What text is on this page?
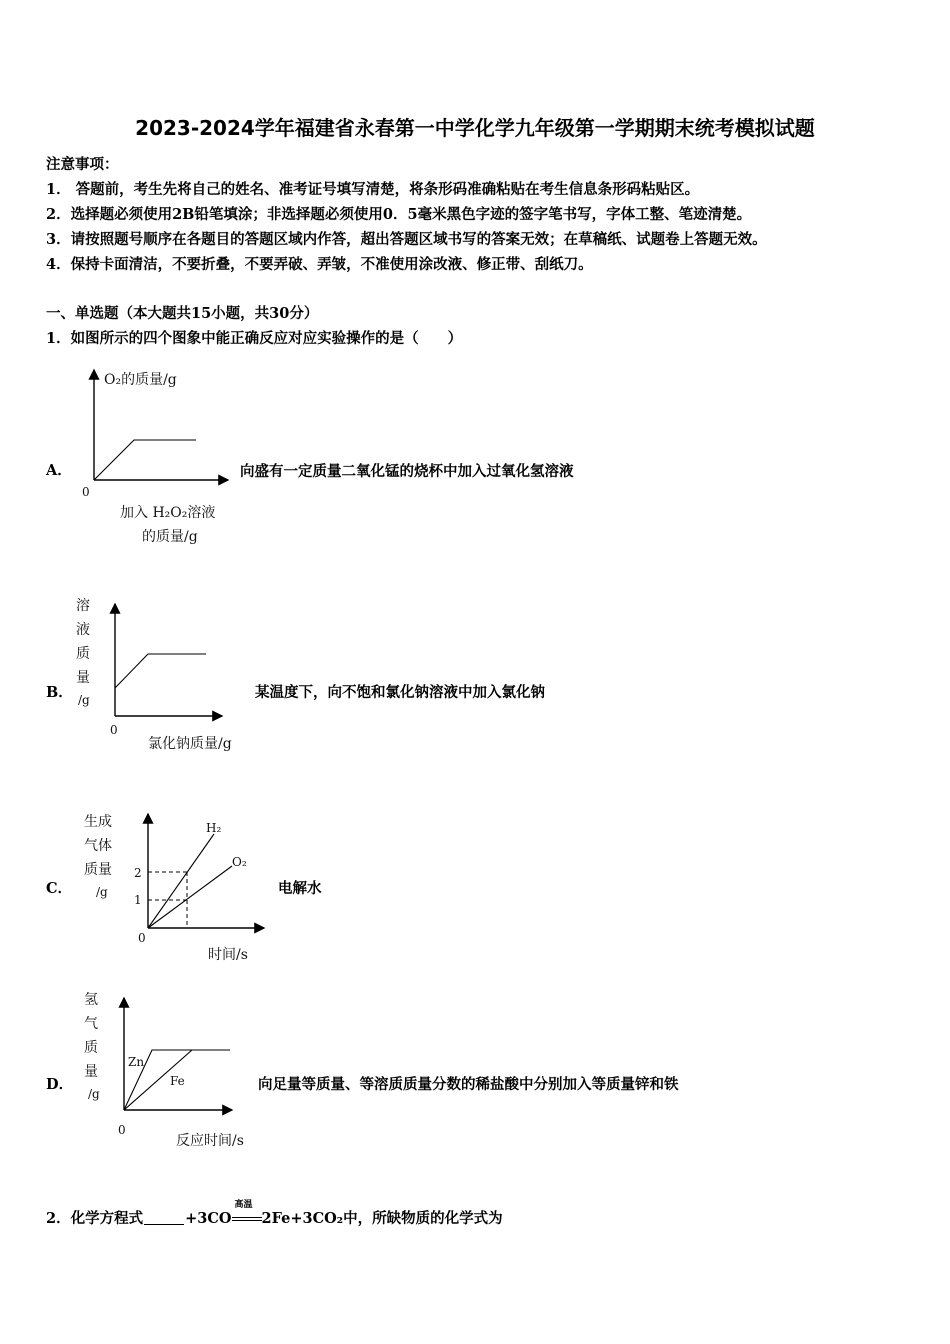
2023-2024学年福建省永春第一中学化学九年级第一学期期末统考模拟试题
注意事项：
1． 答题前，考生先将自己的姓名、准考证号填写清楚，将条形码准确粘贴在考生信息条形码粘贴区。
2．选择题必须使用2B铅笔填涂；非选择题必须使用0．5毫米黑色字迹的签字笔书写，字体工整、笔迹清楚。
3．请按照题号顺序在各题目的答题区域内作答，超出答题区域书写的答案无效；在草稿纸、试题卷上答题无效。
4．保持卡面清洁，不要折叠，不要弄破、弄皱，不准使用涂改液、修正带、刮纸刀。
一、单选题（本大题共15小题，共30分）
1．如图所示的四个图象中能正确反应对应实验操作的是（　　）
A．
O₂的质量/g
0
加入 H₂O₂溶液
的质量/g
向盛有一定质量二氧化锰的烧杯中加入过氧化氢溶液
B．
溶
液
质
量
/g
0
氯化钠质量/g
某温度下，向不饱和氯化钠溶液中加入氯化钠
C．
2
1
H₂
O₂
生成
气体
质量
/g
0
时间/s
电解水
D．
Zn
Fe
氢
气
质
量
/g
0
反应时间/s
向足量等质量、等溶质质量分数的稀盐酸中分别加入等质量锌和铁
2．化学方程式	+3CO
高温
2Fe+3CO₂中，所缺物质的化学式为
